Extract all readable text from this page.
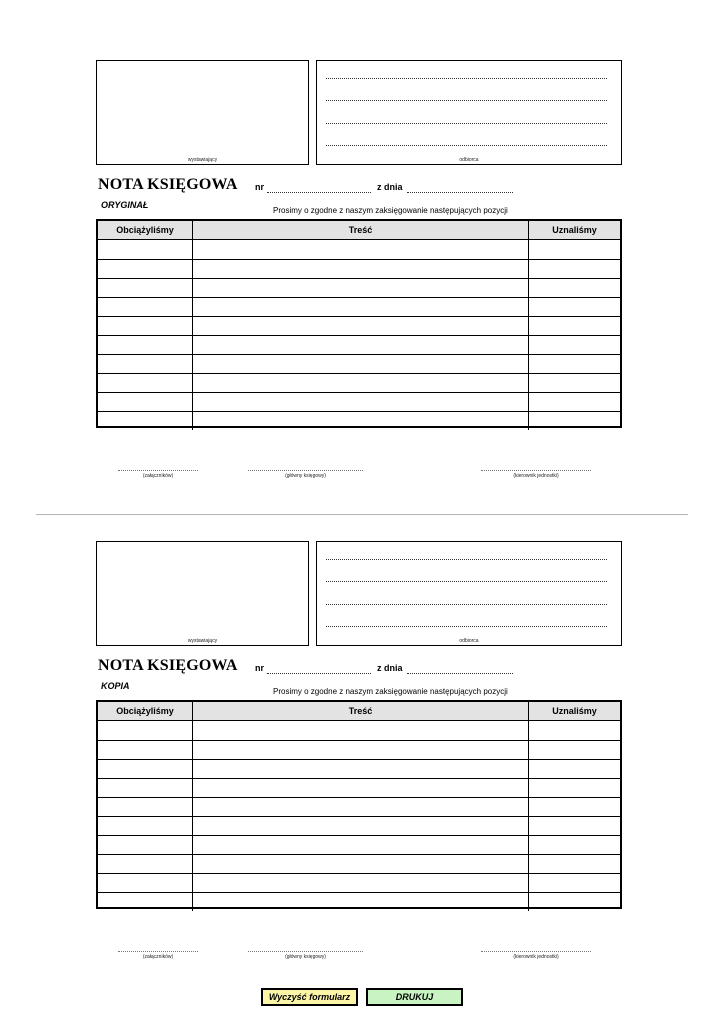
wystawiający	odbiorca
NOTA KSIĘGOWA nr	z dnia
ORYGINAŁ
Prosimy o zgodne z naszym zaksięgowanie następujących pozycji
Obciążyliśmy	Treść	Uznaliśmy
(załączników)	(główny księgowy)	(kierownik jednostki)
wystawiający	odbiorca
NOTA KSIĘGOWA nr	z dnia
KOPIA
Prosimy o zgodne z naszym zaksięgowanie następujących pozycji
Obciążyliśmy	Treść	Uznaliśmy
(załączników)	(główny księgowy)	(kierownik jednostki)
Wyczyść formularz	DRUKUJ
